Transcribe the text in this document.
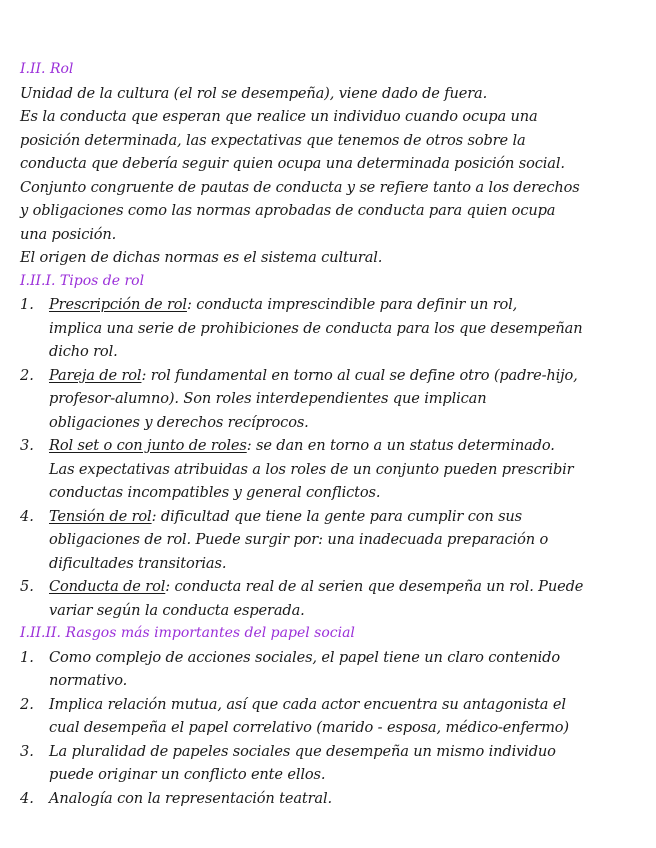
I.II. Rol
Unidad de la cultura (el rol se desempeña), viene dado de fuera.
Es la conducta que esperan que realice un individuo cuando ocupa una
posición determinada, las expectativas que tenemos de otros sobre la
conducta que debería seguir quien ocupa una determinada posición social.
Conjunto congruente de pautas de conducta y se refiere tanto a los derechos
y obligaciones como las normas aprobadas de conducta para quien ocupa
una posición.
El origen de dichas normas es el sistema cultural.
I.II.I. Tipos de rol
1. Prescripción de rol: conducta imprescindible para definir un rol,
implica una serie de prohibiciones de conducta para los que desempeñan
dicho rol.
2. Pareja de rol: rol fundamental en torno al cual se define otro (padre-hijo,
profesor-alumno). Son roles interdependientes que implican
obligaciones y derechos recíprocos.
3. Rol set o con junto de roles: se dan en torno a un status determinado.
Las expectativas atribuidas a los roles de un conjunto pueden prescribir
conductas incompatibles y general conflictos.
4. Tensión de rol: dificultad que tiene la gente para cumplir con sus
obligaciones de rol. Puede surgir por: una inadecuada preparación o
dificultades transitorias.
5. Conducta de rol: conducta real de al serien que desempeña un rol. Puede
variar según la conducta esperada.
I.II.II. Rasgos más importantes del papel social
1. Como complejo de acciones sociales, el papel tiene un claro contenido
normativo.
2. Implica relación mutua, así que cada actor encuentra su antagonista el
cual desempeña el papel correlativo (marido - esposa, médico-enfermo)
3. La pluralidad de papeles sociales que desempeña un mismo individuo
puede originar un conflicto ente ellos.
4. Analogía con la representación teatral.
